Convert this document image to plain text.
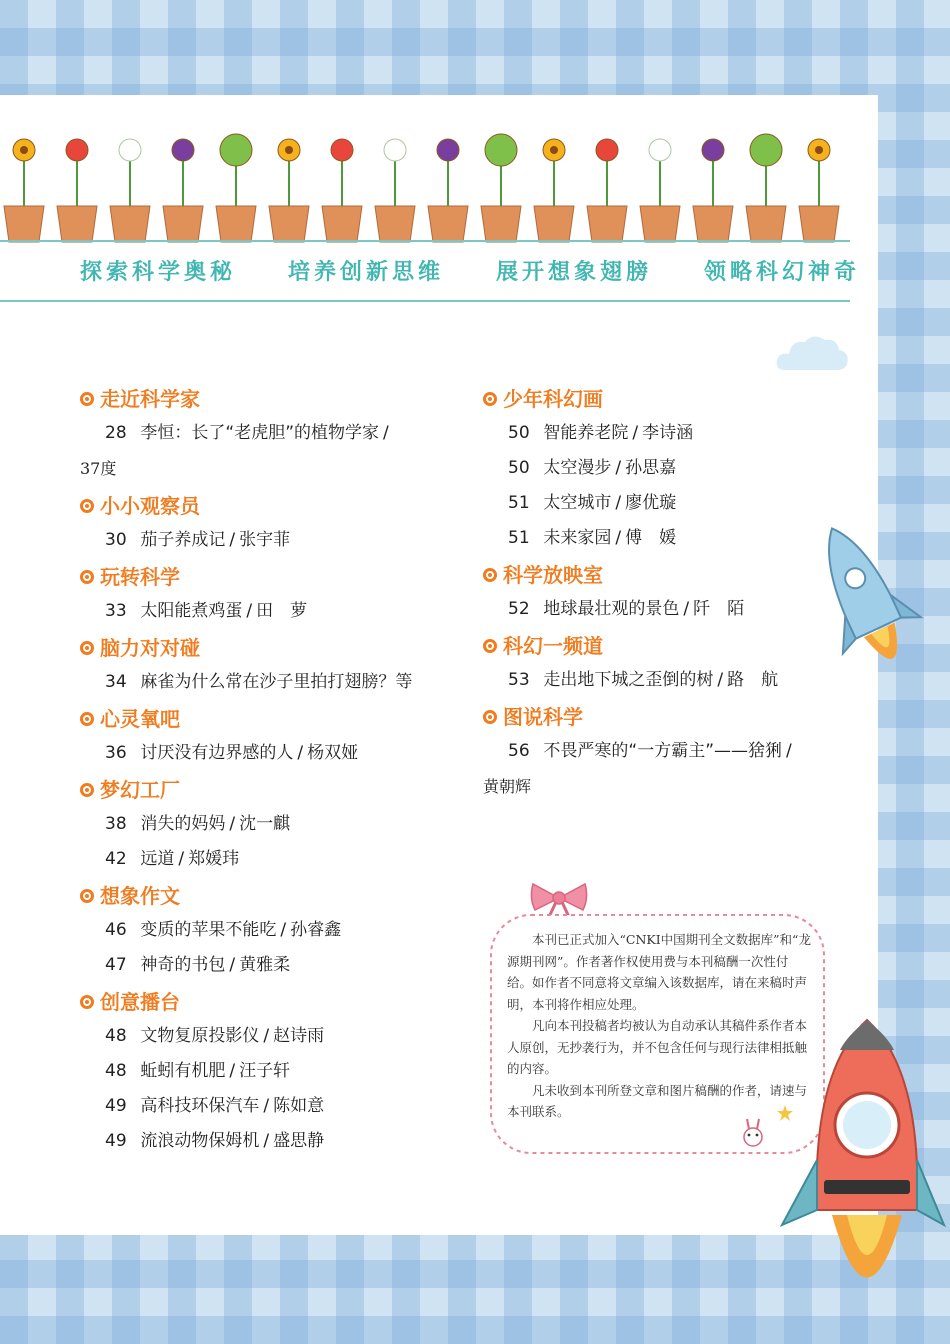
探索科学奥秘 培养创新思维 展开想象翅膀 领略科幻神奇
走近科学家
28 李恒：长了“老虎胆”的植物学家 /
37度
小小观察员
30 茄子养成记 / 张宇菲
玩转科学
33 太阳能煮鸡蛋 / 田　萝
脑力对对碰
34 麻雀为什么常在沙子里拍打翅膀？等
心灵氧吧
36 讨厌没有边界感的人 / 杨双娅
梦幻工厂
38 消失的妈妈 / 沈一麒
42 远道 / 郑媛玮
想象作文
46 变质的苹果不能吃 / 孙睿鑫
47 神奇的书包 / 黄雅柔
创意播台
48 文物复原投影仪 / 赵诗雨
48 蚯蚓有机肥 / 汪子轩
49 高科技环保汽车 / 陈如意
49 流浪动物保姆机 / 盛思静
少年科幻画
50 智能养老院 / 李诗涵
50 太空漫步 / 孙思嘉
51 太空城市 / 廖优璇
51 未来家园 / 傅　媛
科学放映室
52 地球最壮观的景色 / 阡　陌
科幻一频道
53 走出地下城之歪倒的树 / 路　航
图说科学
56 不畏严寒的“一方霸主”——猞猁 /
黄朝辉

本刊已正式加入“CNKI中国期刊全文数据库”和“龙源期刊网”。作者著作权使用费与本刊稿酬一次性付给。如作者不同意将文章编入该数据库，请在来稿时声明，本刊将作相应处理。

凡向本刊投稿者均被认为自动承认其稿件系作者本人原创，无抄袭行为，并不包含任何与现行法律相抵触的内容。

凡未收到本刊所登文章和图片稿酬的作者，请速与本刊联系。
